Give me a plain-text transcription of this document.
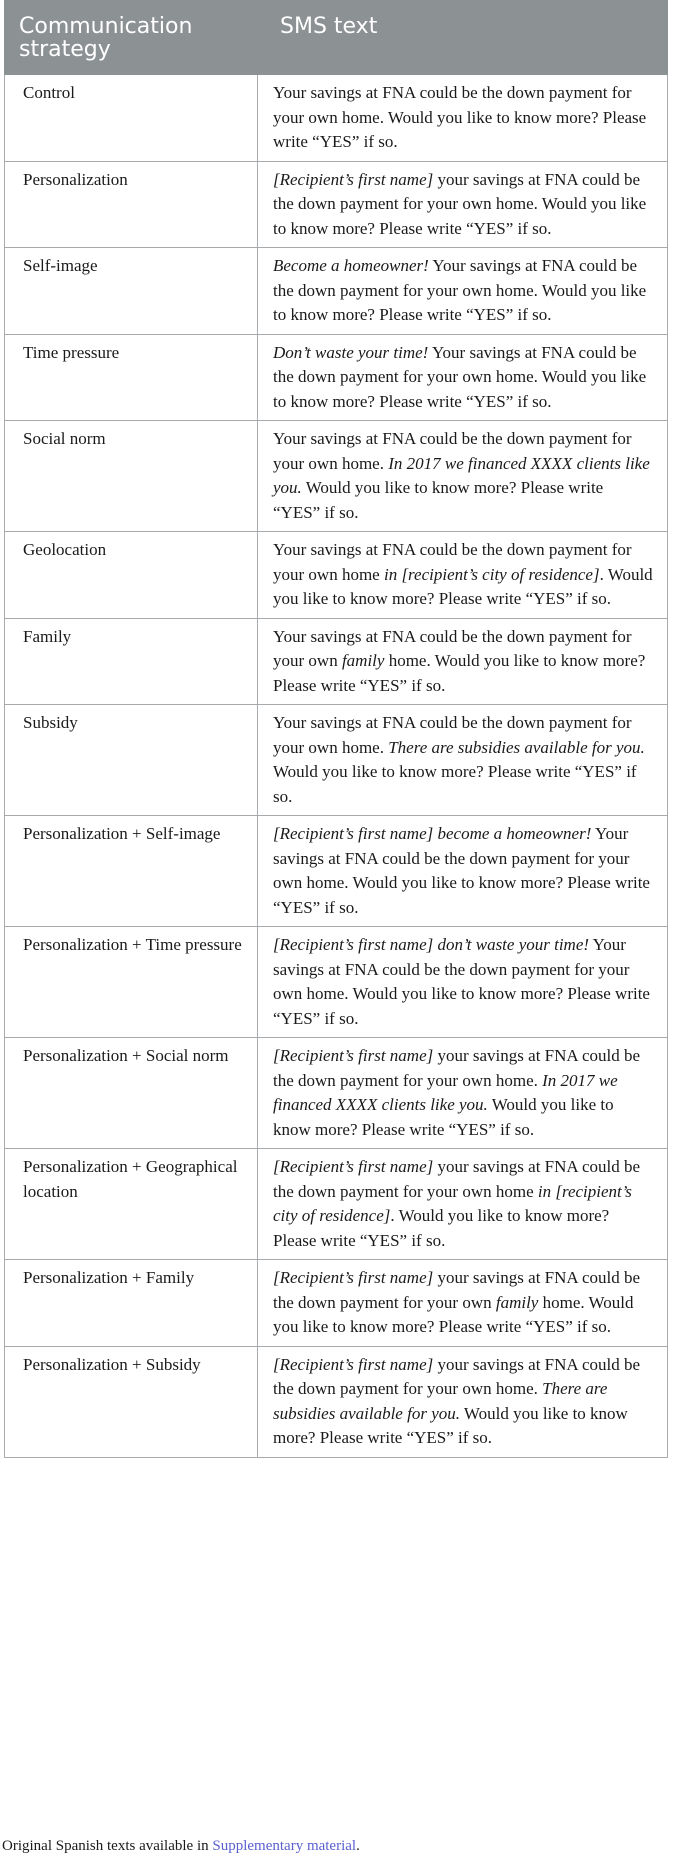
Communication strategy	SMS text
Control	Your savings at FNA could be the down payment for your own home. Would you like to know more? Please write “YES” if so.
Personalization	[Recipient’s first name] your savings at FNA could be the down payment for your own home. Would you like to know more? Please write “YES” if so.
Self-image	Become a homeowner! Your savings at FNA could be the down payment for your own home. Would you like to know more? Please write “YES” if so.
Time pressure	Don’t waste your time! Your savings at FNA could be the down payment for your own home. Would you like to know more? Please write “YES” if so.
Social norm	Your savings at FNA could be the down payment for your own home. In 2017 we financed XXXX clients like you. Would you like to know more? Please write “YES” if so.
Geolocation	Your savings at FNA could be the down payment for your own home in [recipient’s city of residence]. Would you like to know more? Please write “YES” if so.
Family	Your savings at FNA could be the down payment for your own family home. Would you like to know more? Please write “YES” if so.
Subsidy	Your savings at FNA could be the down payment for your own home. There are subsidies available for you. Would you like to know more? Please write “YES” if so.
Personalization + Self-image	[Recipient’s first name] become a homeowner! Your savings at FNA could be the down payment for your own home. Would you like to know more? Please write “YES” if so.
Personalization + Time pressure	[Recipient’s first name] don’t waste your time! Your savings at FNA could be the down payment for your own home. Would you like to know more? Please write “YES” if so.
Personalization + Social norm	[Recipient’s first name] your savings at FNA could be the down payment for your own home. In 2017 we financed XXXX clients like you. Would you like to know more? Please write “YES” if so.
Personalization + Geographical location	[Recipient’s first name] your savings at FNA could be the down payment for your own home in [recipient’s city of residence]. Would you like to know more? Please write “YES” if so.
Personalization + Family	[Recipient’s first name] your savings at FNA could be the down payment for your own family home. Would you like to know more? Please write “YES” if so.
Personalization + Subsidy	[Recipient’s first name] your savings at FNA could be the down payment for your own home. There are subsidies available for you. Would you like to know more? Please write “YES” if so.
Original Spanish texts available in Supplementary material.
